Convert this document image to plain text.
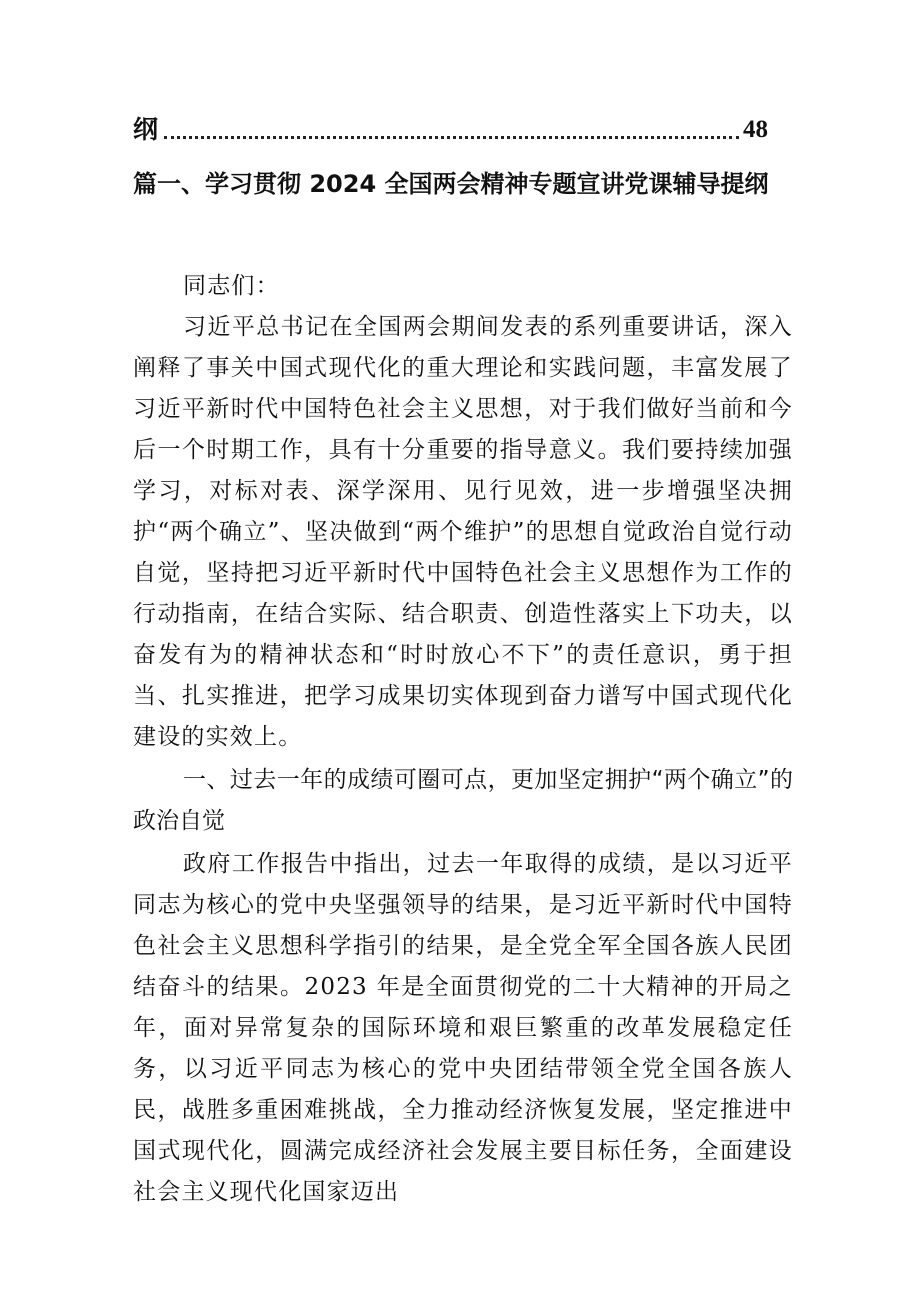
纲	48
篇一、学习贯彻 2024 全国两会精神专题宣讲党课辅导提纲

同志们：

习近平总书记在全国两会期间发表的系列重要讲话，深入阐释了事关中国式现代化的重大理论和实践问题，丰富发展了习近平新时代中国特色社会主义思想，对于我们做好当前和今后一个时期工作，具有十分重要的指导意义。我们要持续加强学习，对标对表、深学深用、见行见效，进一步增强坚决拥护“两个确立”、坚决做到“两个维护”的思想自觉政治自觉行动自觉，坚持把习近平新时代中国特色社会主义思想作为工作的行动指南，在结合实际、结合职责、创造性落实上下功夫，以奋发有为的精神状态和“时时放心不下”的责任意识，勇于担当、扎实推进，把学习成果切实体现到奋力谱写中国式现代化建设的实效上。

一、过去一年的成绩可圈可点，更加坚定拥护“两个确立”的政治自觉

政府工作报告中指出，过去一年取得的成绩，是以习近平同志为核心的党中央坚强领导的结果，是习近平新时代中国特色社会主义思想科学指引的结果，是全党全军全国各族人民团结奋斗的结果。2023 年是全面贯彻党的二十大精神的开局之年，面对异常复杂的国际环境和艰巨繁重的改革发展稳定任务，以习近平同志为核心的党中央团结带领全党全国各族人民，战胜多重困难挑战，全力推动经济恢复发展，坚定推进中国式现代化，圆满完成经济社会发展主要目标任务，全面建设社会主义现代化国家迈出
